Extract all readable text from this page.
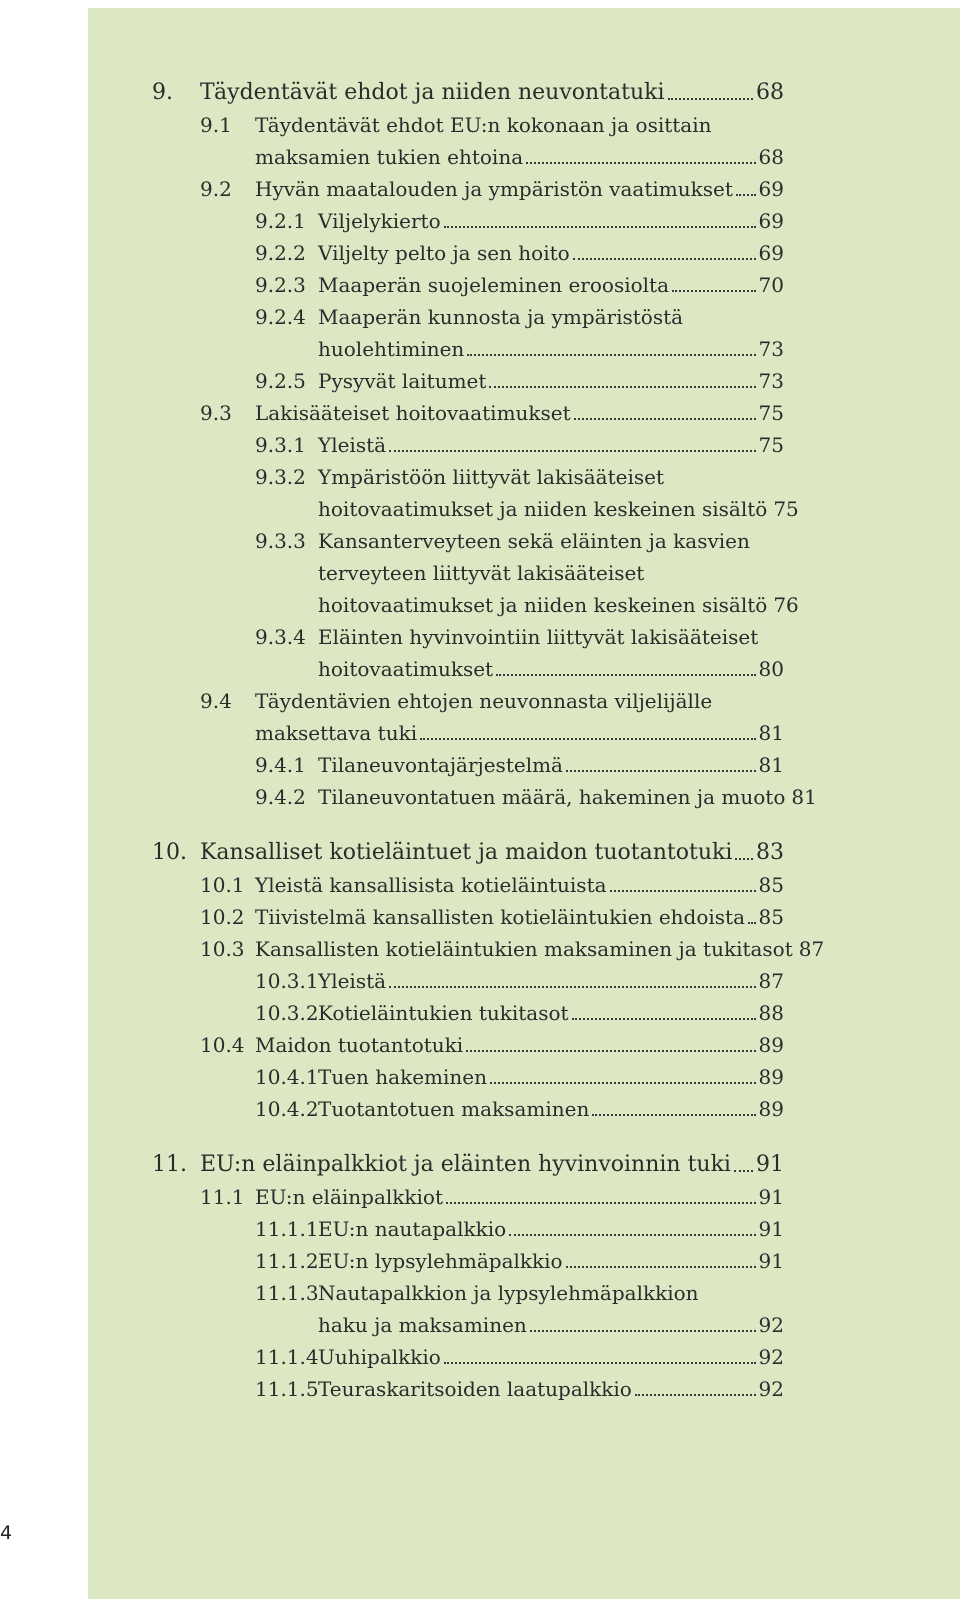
9. Täydentävät ehdot ja niiden neuvontatuki	68
9.1 Täydentävät ehdot EU:n kokonaan ja osittain
maksamien tukien ehtoina	68
9.2 Hyvän maatalouden ja ympäristön vaatimukset 69
9.2.1 Viljelykierto	69
9.2.2 Viljelty pelto ja sen hoito	69
9.2.3 Maaperän suojeleminen eroosiolta	70
9.2.4 Maaperän kunnosta ja ympäristöstä
huolehtiminen	73
9.2.5 Pysyvät laitumet	73
9.3 Lakisääteiset hoitovaatimukset	75
9.3.1 Yleistä	75
9.3.2 Ympäristöön liittyvät lakisääteiset
hoitovaatimukset ja niiden keskeinen sisältö 75
9.3.3 Kansanterveyteen sekä eläinten ja kasvien
terveyteen liittyvät lakisääteiset
hoitovaatimukset ja niiden keskeinen sisältö 76
9.3.4 Eläinten hyvinvointiin liittyvät lakisääteiset
hoitovaatimukset	80
9.4 Täydentävien ehtojen neuvonnasta viljelijälle
maksettava tuki	81
9.4.1 Tilaneuvontajärjestelmä	81
9.4.2 Tilaneuvontatuen määrä, hakeminen ja muoto 81
10. Kansalliset kotieläintuet ja maidon tuotantotuki 83
10.1 Yleistä kansallisista kotieläintuista	85
10.2 Tiivistelmä kansallisten kotieläintukien ehdoista 85
10.3 Kansallisten kotieläintukien maksaminen ja tukitasot 87
10.3.1 Yleistä	87
10.3.2 Kotieläintukien tukitasot	88
10.4 Maidon tuotantotuki	89
10.4.1 Tuen hakeminen	89
10.4.2 Tuotantotuen maksaminen	89
11. EU:n eläinpalkkiot ja eläinten hyvinvoinnin tuki 91
11.1 EU:n eläinpalkkiot	91
11.1.1 EU:n nautapalkkio	91
11.1.2 EU:n lypsylehmäpalkkio	91
11.1.3 Nautapalkkion ja lypsylehmäpalkkion
haku ja maksaminen	92
11.1.4 Uuhipalkkio	92
11.1.5 Teuraskaritsoiden laatupalkkio	92
4
